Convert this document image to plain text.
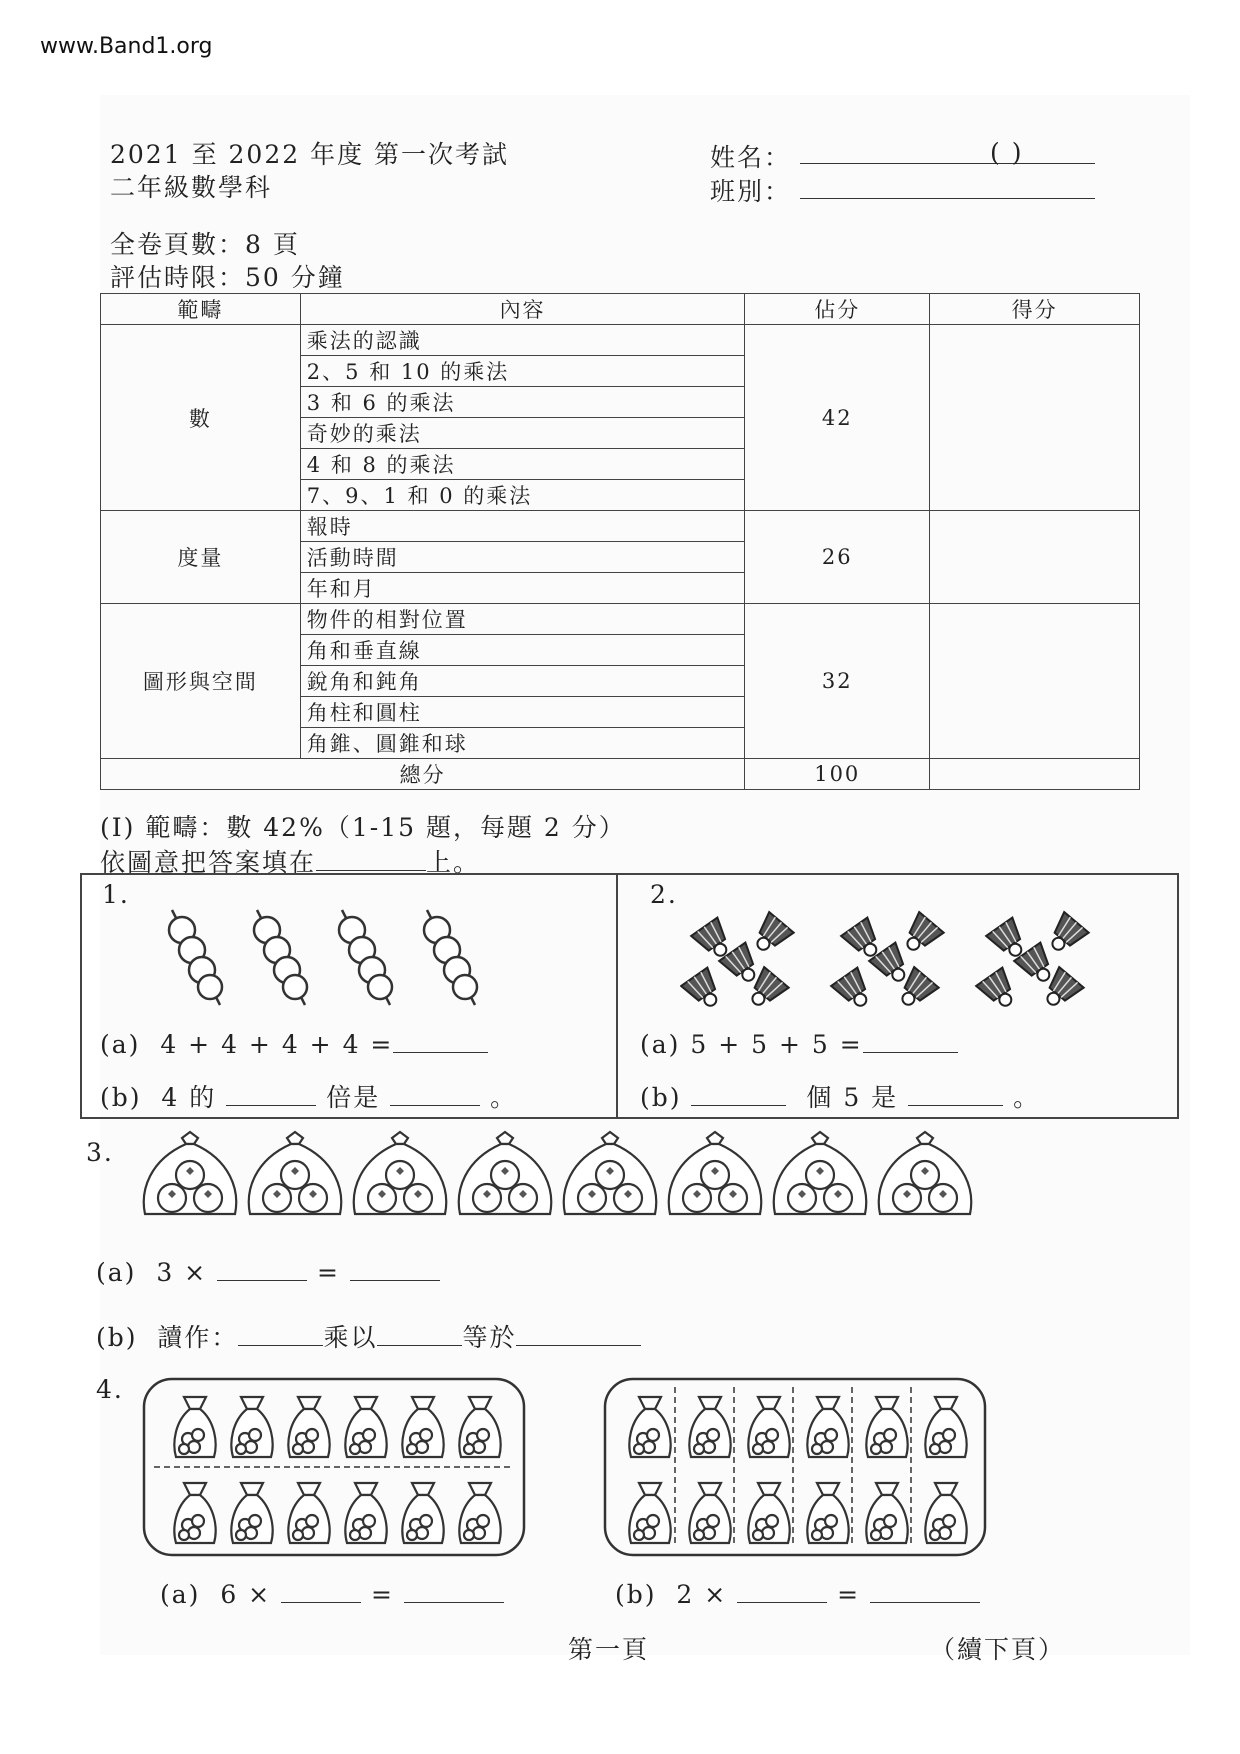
www.Band1.org
2021 至 2022 年度 第一次考試
二年級數學科
姓名：	( )
班別：
全卷頁數：8 頁
評估時限：50 分鐘
範疇	內容	佔分	得分
數	乘法的認識	42	
	2、5 和 10 的乘法		
	3 和 6 的乘法		
	奇妙的乘法		
	4 和 8 的乘法		
	7、9、1 和 0 的乘法		
度量	報時	26	
	活動時間		
	年和月		
圖形與空間	物件的相對位置	32	
	角和垂直線		
	銳角和鈍角		
	角柱和圓柱		
	角錐、圓錐和球		
總分		100	
(I) 範疇：數 42%（1-15 題，每題 2 分）
依圖意把答案填在	上。
1.
(a) 4 + 4 + 4 + 4 =
(b) 4 的	倍是	。
2.
(a) 5 + 5 + 5 =
(b)	個 5 是	。
3.
(a) 3 ×	=
(b) 讀作：	乘以	等於
4.
(a) 6 ×	=	(b) 2 ×	=
第一頁	（續下頁）
